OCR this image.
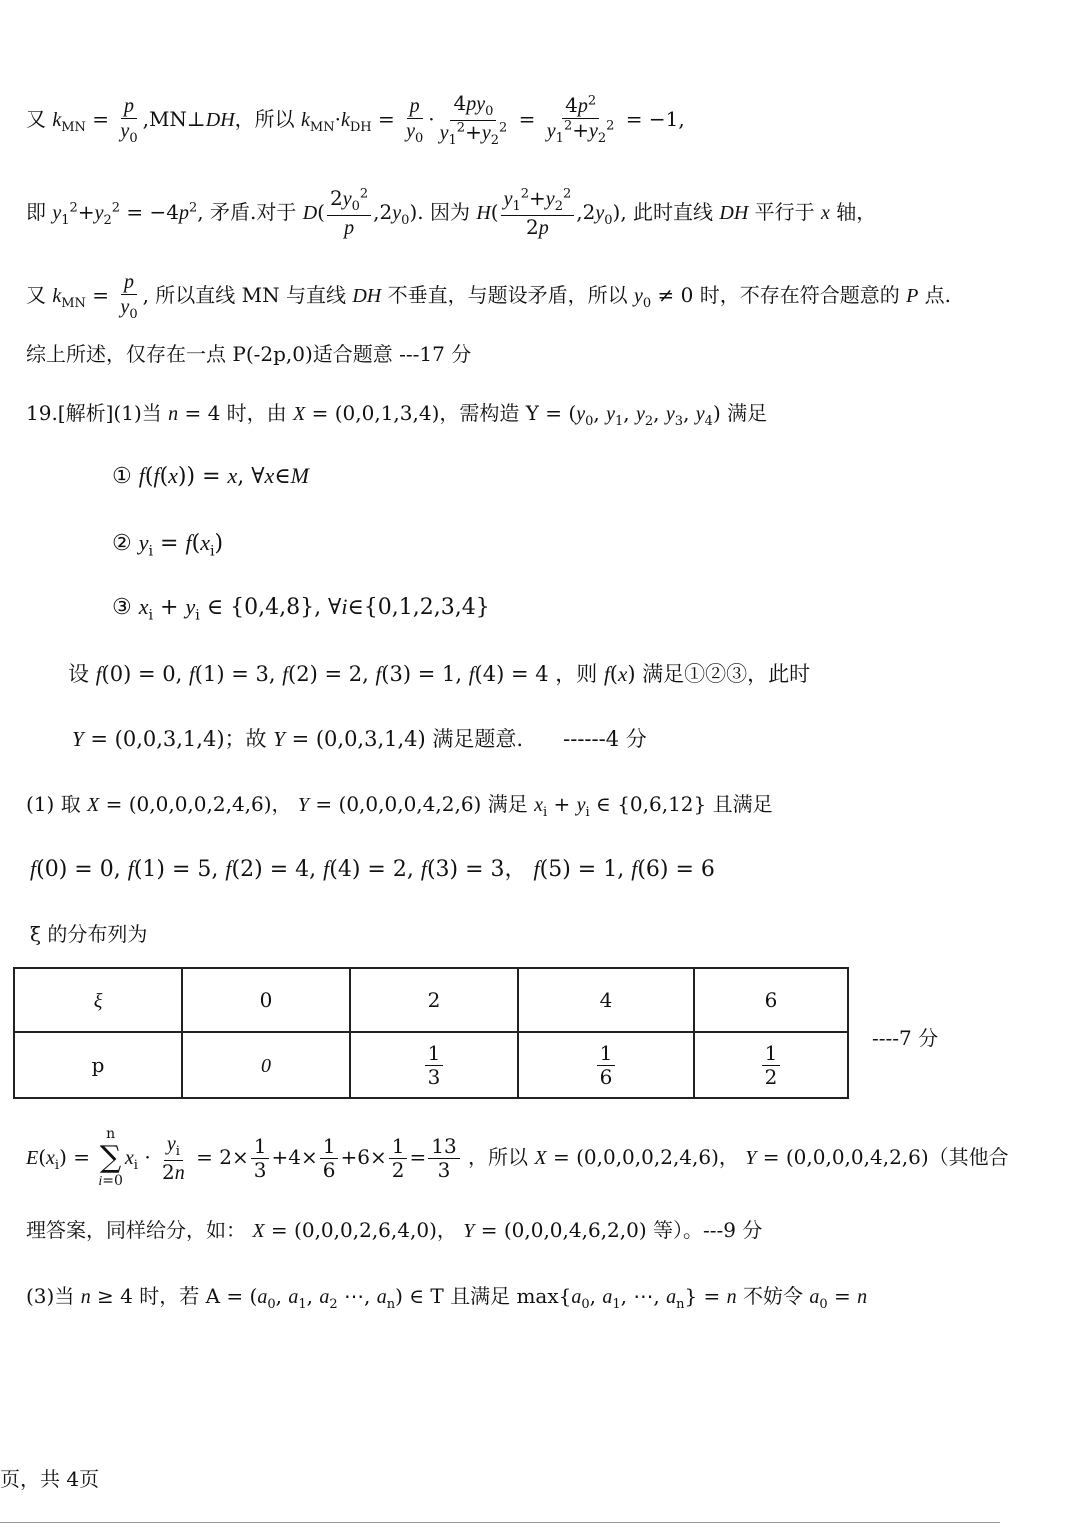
又 $k_{MN} = \frac{p}{y_0}$ ,MN⊥DH，所以 $k_{MN}\cdot k_{DH} = \frac{p}{y_0} \cdot \frac{4py_0}{y_1^2+y_2^2} = \frac{4p^2}{y_1^2+y_2^2} = -1$,
即 $y_1^2+y_2^2 = -4p^2$, 矛盾.对于 $D( \frac{2y_0^2}{p} ,2y_0)$. 因为 $H( \frac{y_1^2+y_2^2}{2p} ,2y_0)$, 此时直线 DH 平行于 x 轴，
又 $k_{MN} = \frac{p}{y_0}$ , 所以直线 MN 与直线 DH 不垂直，与题设矛盾，所以 $y_0 \ne 0$ 时，不存在符合题意的 P 点.
综上所述，仅存在一点 P(-2p,0)适合题意 ---17 分
19.[解析](1)当 n = 4 时，由 X = (0,0,1,3,4)，需构造 $Y = (y_0$, $y_1$, $y_2$, $y_3$, $y_4$) 满足
① f(f(x)) = x, ∀x∈M
② $y_i = f(x_i)$
③ $x_i + y_i$ ∈ {0,4,8}, ∀i∈{0,1,2,3,4}
设 f(0) = 0, f(1) = 3, f(2) = 2, f(3) = 1, f(4) = 4 ，则 f(x) 满足①②③，此时
Y = (0,0,3,1,4)；故 Y = (0,0,3,1,4) 满足题意.      ------4 分
(1) 取 X = (0,0,0,0,2,4,6)， Y = (0,0,0,0,4,2,6) 满足 $x_i + y_i$ ∈ {0,6,12} 且满足
f(0) = 0, f(1) = 5, f(2) = 4, f(4) = 2, f(3) = 3， f(5) = 1, f(6) = 6
ξ 的分布列为
ξ	0	2	4	6
p	0	$\frac{1}{3}$	$\frac{1}{6}$	$\frac{1}{2}$
----7 分
$E(x_i)$ =
n
∑
i=0
$x_i \cdot \frac{y_i}{2n} = 2\times \frac{1}{3} +4\times \frac{1}{6} +6\times \frac{1}{2} = \frac{13}{3}$ ，所以 X = (0,0,0,0,2,4,6)， Y = (0,0,0,0,4,2,6)（其他合
理答案，同样给分，如： X = (0,0,0,2,6,4,0)， Y = (0,0,0,4,6,2,0) 等）。---9 分
(3)当 n ≥ 4 时，若 $A = (a_0$, $a_1$, $a_2$ ⋯, $a_n$) ∈ T 且满足 $\max\{a_0$, $a_1$, ⋯, $a_n\} = n$ 不妨令 $a_0 = n$
页，共 4页
